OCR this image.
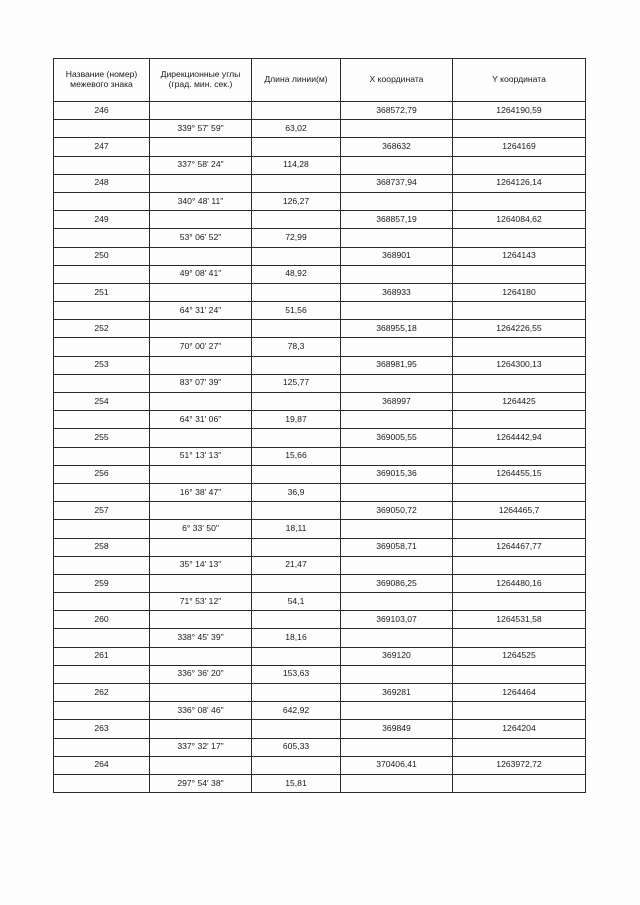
Название (номер) межевого знака	Дирекционные углы (град. мин. сек.)	Длина линии(м)	X координата	Y координата
246			368572,79	1264190,59
	339° 57' 59"	63,02		
247			368632	1264169
	337° 58' 24"	114,28		
248			368737,94	1264126,14
	340° 48' 11"	126,27		
249			368857,19	1264084,62
	53° 06' 52"	72,99		
250			368901	1264143
	49° 08' 41"	48,92		
251			368933	1264180
	64° 31' 24"	51,56		
252			368955,18	1264226,55
	70° 00' 27"	78,3		
253			368981,95	1264300,13
	83° 07' 39"	125,77		
254			368997	1264425
	64° 31' 06"	19,87		
255			369005,55	1264442,94
	51° 13' 13"	15,66		
256			369015,36	1264455,15
	16° 38' 47"	36,9		
257			369050,72	1264465,7
	6° 33' 50"	18,11		
258			369058,71	1264467,77
	35° 14' 13"	21,47		
259			369086,25	1264480,16
	71° 53' 12"	54,1		
260			369103,07	1264531,58
	338° 45' 39"	18,16		
261			369120	1264525
	336° 36' 20"	153,63		
262			369281	1264464
	336° 08' 46"	642,92		
263			369849	1264204
	337° 32' 17"	605,33		
264			370406,41	1263972,72
	297° 54' 38"	15,81		
